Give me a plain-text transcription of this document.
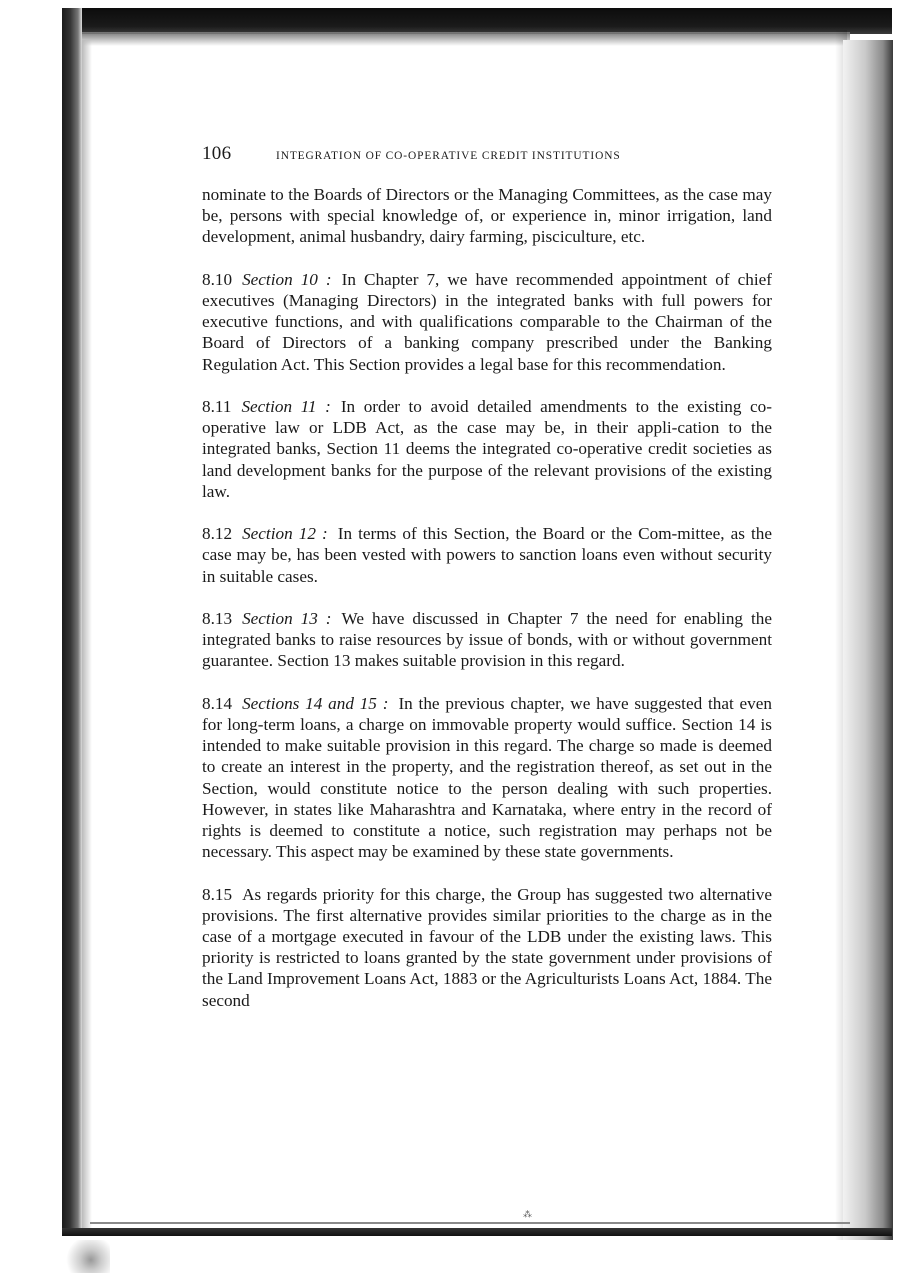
⁂
106	INTEGRATION OF CO-OPERATIVE CREDIT INSTITUTIONS

nominate to the Boards of Directors or the Managing Committees, as the case may be, persons with special knowledge of, or experience in, minor irrigation, land development, animal husbandry, dairy farming, pisciculture, etc.

8.10 Section 10 : In Chapter 7, we have recommended appointment of chief executives (Managing Directors) in the integrated banks with full powers for executive functions, and with qualifications comparable to the Chairman of the Board of Directors of a banking company prescribed under the Banking Regulation Act. This Section provides a legal base for this recommendation.

8.11 Section 11 : In order to avoid detailed amendments to the existing co-operative law or LDB Act, as the case may be, in their appli-cation to the integrated banks, Section 11 deems the integrated co-operative credit societies as land development banks for the purpose of the relevant provisions of the existing law.

8.12 Section 12 : In terms of this Section, the Board or the Com-mittee, as the case may be, has been vested with powers to sanction loans even without security in suitable cases.

8.13 Section 13 : We have discussed in Chapter 7 the need for enabling the integrated banks to raise resources by issue of bonds, with or without government guarantee. Section 13 makes suitable provision in this regard.

8.14 Sections 14 and 15 : In the previous chapter, we have suggested that even for long-term loans, a charge on immovable property would suffice. Section 14 is intended to make suitable provision in this regard. The charge so made is deemed to create an interest in the property, and the registration thereof, as set out in the Section, would constitute notice to the person dealing with such properties. However, in states like Maharashtra and Karnataka, where entry in the record of rights is deemed to constitute a notice, such registration may perhaps not be necessary. This aspect may be examined by these state governments.

8.15 As regards priority for this charge, the Group has suggested two alternative provisions. The first alternative provides similar priorities to the charge as in the case of a mortgage executed in favour of the LDB under the existing laws. This priority is restricted to loans granted by the state government under provisions of the Land Improvement Loans Act, 1883 or the Agriculturists Loans Act, 1884. The second
